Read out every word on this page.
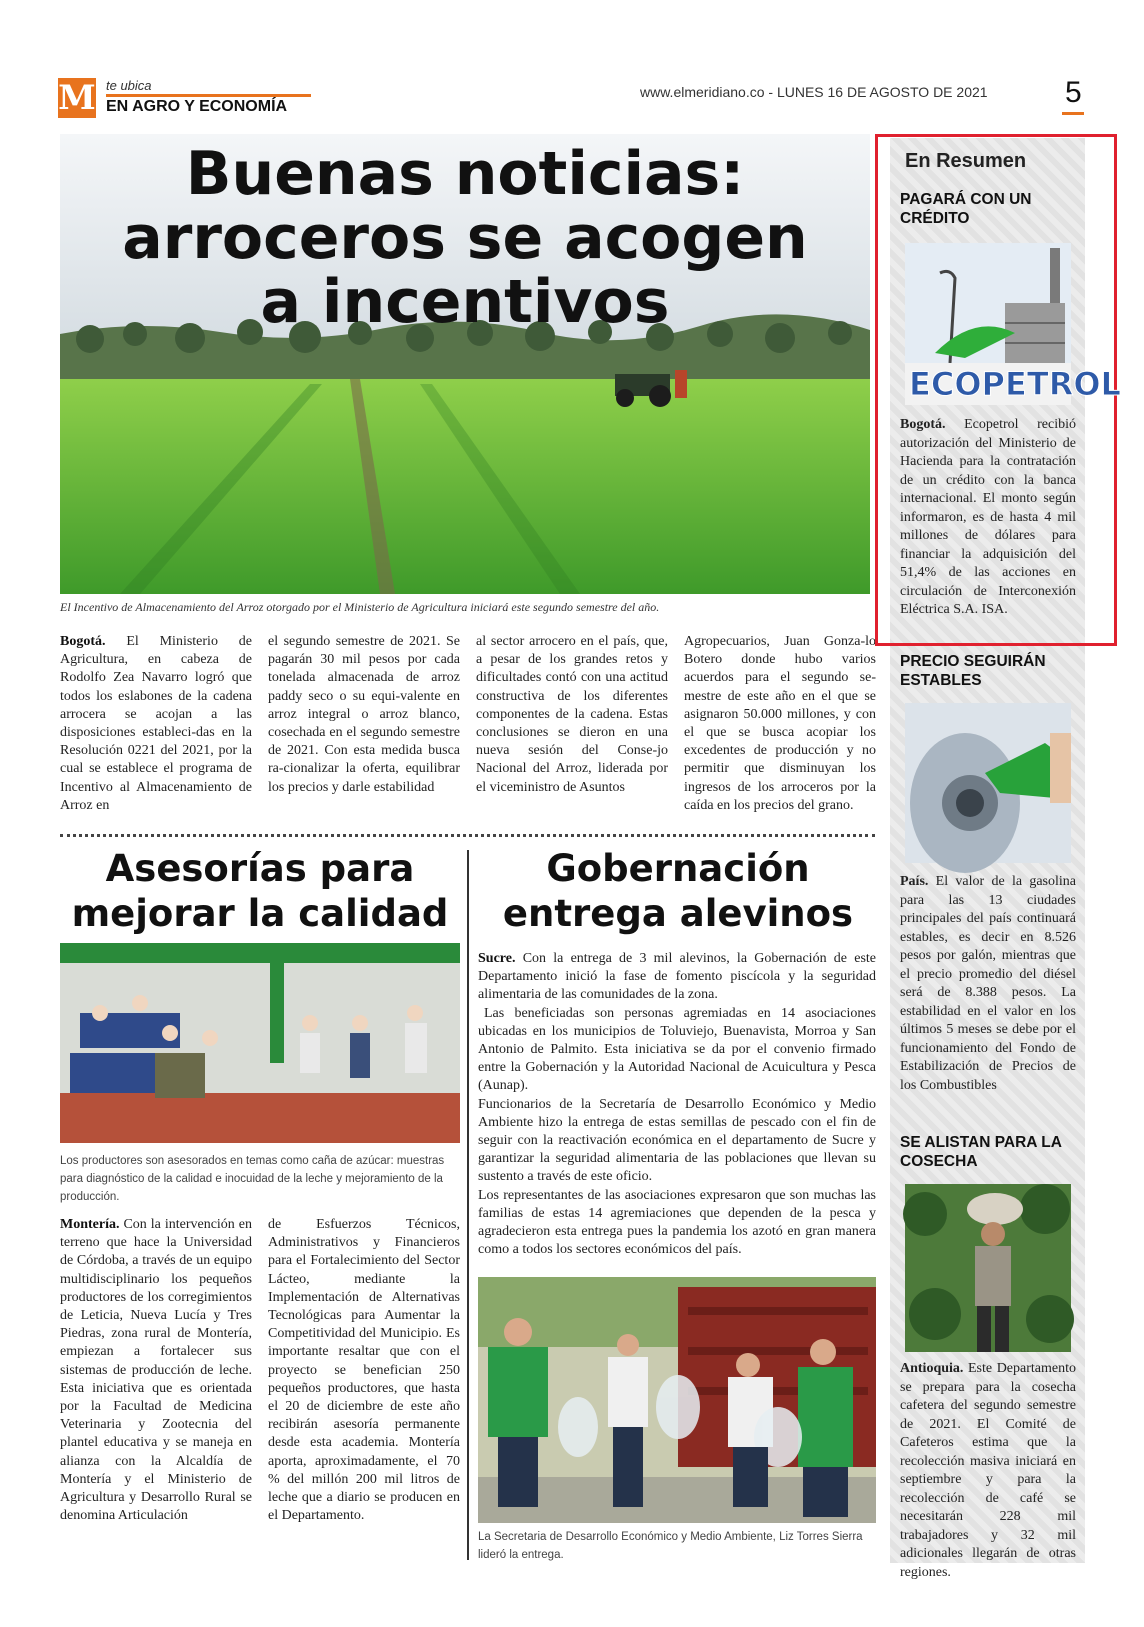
M te ubica
EN AGRO Y ECONOMÍA
www.elmeridiano.co - LUNES 16 DE AGOSTO DE 2021	5
Buenas noticias:
arroceros se acogen
a incentivos
El Incentivo de Almacenamiento del Arroz otorgado por el Ministerio de Agricultura iniciará este segundo semestre del año.
Bogotá. El Ministerio de Agricultura, en cabeza de Rodolfo Zea Navarro logró que todos los eslabones de la cadena arrocera se acojan a las disposiciones estableci-das en la Resolución 0221 del 2021, por la cual se establece el programa de Incentivo al Almacenamiento de Arroz en
el segundo semestre de 2021. Se pagarán 30 mil pesos por cada tonelada almacenada de arroz paddy seco o su equi-valente en arroz integral o arroz blanco, cosechada en el segundo semestre de 2021. Con esta medida busca ra-cionalizar la oferta, equilibrar los precios y darle estabilidad
al sector arrocero en el país, que, a pesar de los grandes retos y dificultades contó con una actitud constructiva de los diferentes componentes de la cadena. Estas conclusiones se dieron en una nueva sesión del Conse-jo Nacional del Arroz, liderada por el viceministro de Asuntos
Agropecuarios, Juan Gonza-lo Botero donde hubo varios acuerdos para el segundo se-mestre de este año en el que se asignaron 50.000 millones, y con el que se busca acopiar los excedentes de producción y no permitir que disminuyan los ingresos de los arroceros por la caída en los precios del grano.
Asesorías para
mejorar la calidad
Los productores son asesorados en temas como caña de azúcar: muestras para diagnóstico de la calidad e inocuidad de la leche y mejoramiento de la producción.
Montería. Con la intervención en terreno que hace la Universidad de Córdoba, a través de un equipo multidisciplinario los pequeños productores de los corregimientos de Leticia, Nueva Lucía y Tres Piedras, zona rural de Montería, empiezan a fortalecer sus sistemas de producción de leche. Esta iniciativa que es orientada por la Facultad de Medicina Veterinaria y Zootecnia del plantel educativa y se maneja en alianza con la Alcaldía de Montería y el Ministerio de Agricultura y Desarrollo Rural se denomina Articulación
de Esfuerzos Técnicos, Administrativos y Financieros para el Fortalecimiento del Sector Lácteo, mediante la Implementación de Alternativas Tecnológicas para Aumentar la Competitividad del Municipio. Es importante resaltar que con el proyecto se benefician 250 pequeños productores, que hasta el 20 de diciembre de este año recibirán asesoría permanente desde esta academia. Montería aporta, aproximadamente, el 70 % del millón 200 mil litros de leche que a diario se producen en el Departamento.
Gobernación
entrega alevinos
Sucre. Con la entrega de 3 mil alevinos, la Gobernación de este Departamento inició la fase de fomento piscícola y la seguridad alimentaria de las comunidades de la zona.
Las beneficiadas son personas agremiadas en 14 asociaciones ubicadas en los municipios de Toluviejo, Buenavista, Morroa y San Antonio de Palmito. Esta iniciativa se da por el convenio firmado entre la Gobernación y la Autoridad Nacional de Acuicultura y Pesca (Aunap).
Funcionarios de la Secretaría de Desarrollo Económico y Medio Ambiente hizo la entrega de estas semillas de pescado con el fin de seguir con la reactivación económica en el departamento de Sucre y garantizar la seguridad alimentaria de las poblaciones que llevan su sustento a través de este oficio.
Los representantes de las asociaciones expresaron que son muchas las familias de estas 14 agremiaciones que dependen de la pesca y agradecieron esta entrega pues la pandemia los azotó en gran manera como a todos los sectores económicos del país.
La Secretaria de Desarrollo Económico y Medio Ambiente, Liz Torres Sierra lideró la entrega.
En Resumen
PAGARÁ CON UN CRÉDITO
ECOPETROL
Bogotá. Ecopetrol recibió autorización del Ministerio de Hacienda para la contratación de un crédito con la banca internacional. El monto según informaron, es de hasta 4 mil millones de dólares para financiar la adquisición del 51,4% de las acciones en circulación de Interconexión Eléctrica S.A. ISA.
PRECIO SEGUIRÁN ESTABLES
País. El valor de la gasolina para las 13 ciudades principales del país continuará estables, es decir en 8.526 pesos por galón, mientras que el precio promedio del diésel será de 8.388 pesos. La estabilidad en el valor en los últimos 5 meses se debe por el funcionamiento del Fondo de Estabilización de Precios de los Combustibles
SE ALISTAN PARA LA COSECHA
Antioquia. Este Departamento se prepara para la cosecha cafetera del segundo semestre de 2021. El Comité de Cafeteros estima que la recolección masiva iniciará en septiembre y para la recolección de café se necesitarán 228 mil trabajadores y 32 mil adicionales llegarán de otras regiones.
